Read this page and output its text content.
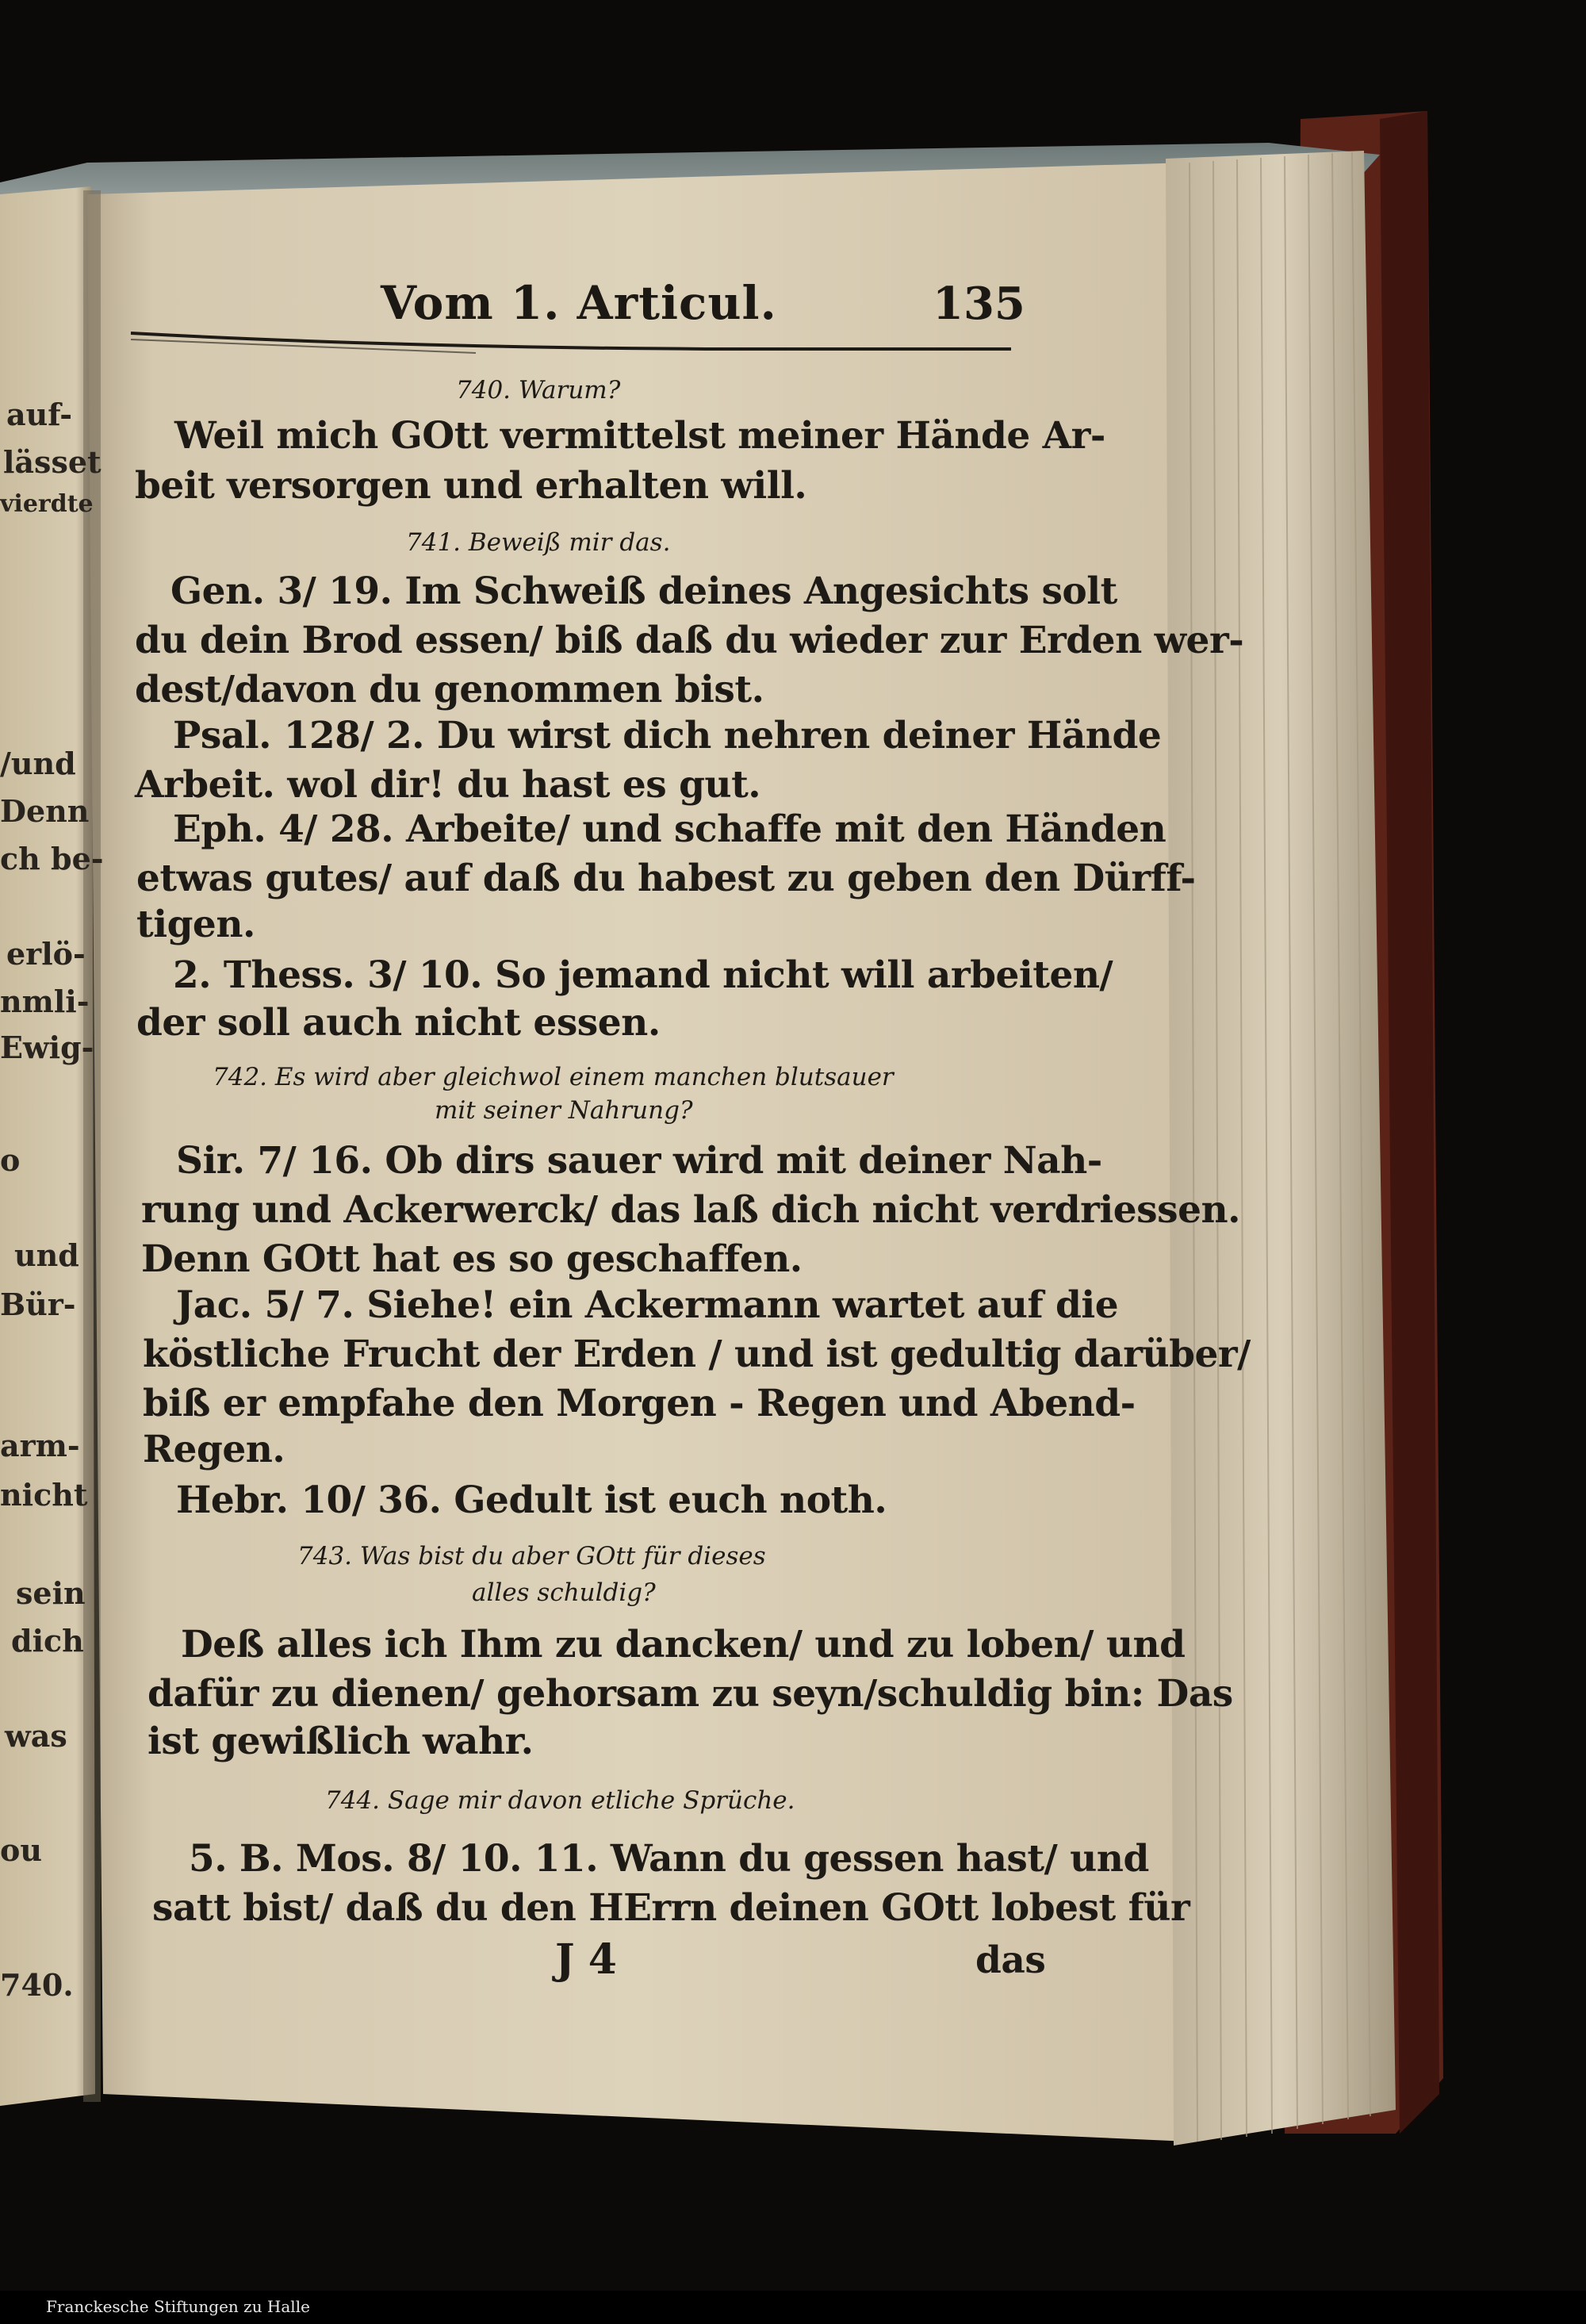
Vom 1. Articul.	135
740. Warum?
Weil mich GOtt vermittelst meiner Hände Ar-
beit versorgen und erhalten will.
741. Beweiß mir das.
Gen. 3/ 19. Im Schweiß deines Angesichts solt
du dein Brod essen/ biß daß du wieder zur Erden wer-
dest/davon du genommen bist.
Psal. 128/ 2. Du wirst dich nehren deiner Hände
Arbeit. wol dir! du hast es gut.
Eph. 4/ 28. Arbeite/ und schaffe mit den Händen
etwas gutes/ auf daß du habest zu geben den Dürff-
tigen.
2. Thess. 3/ 10. So jemand nicht will arbeiten/
der soll auch nicht essen.
742. Es wird aber gleichwol einem manchen blutsauer
mit seiner Nahrung?
Sir. 7/ 16. Ob dirs sauer wird mit deiner Nah-
rung und Ackerwerck/ das laß dich nicht verdriessen.
Denn GOtt hat es so geschaffen.
Jac. 5/ 7. Siehe! ein Ackermann wartet auf die
köstliche Frucht der Erden / und ist gedultig darüber/
biß er empfahe den Morgen - Regen und Abend-
Regen.
Hebr. 10/ 36. Gedult ist euch noth.
743. Was bist du aber GOtt für dieses
alles schuldig?
Deß alles ich Ihm zu dancken/ und zu loben/ und
dafür zu dienen/ gehorsam zu seyn/schuldig bin: Das
ist gewißlich wahr.
744. Sage mir davon etliche Sprüche.
5. B. Mos. 8/ 10. 11. Wann du gessen hast/ und
satt bist/ daß du den HErrn deinen GOtt lobest für
J 4	das
auf-
lässet
vierdte
/und
Denn
ch be-
erlö-
nmli-
Ewig-
o
und
Bür-
arm-
nicht
sein
dich
was
ou
740.
Franckesche Stiftungen zu Halle
